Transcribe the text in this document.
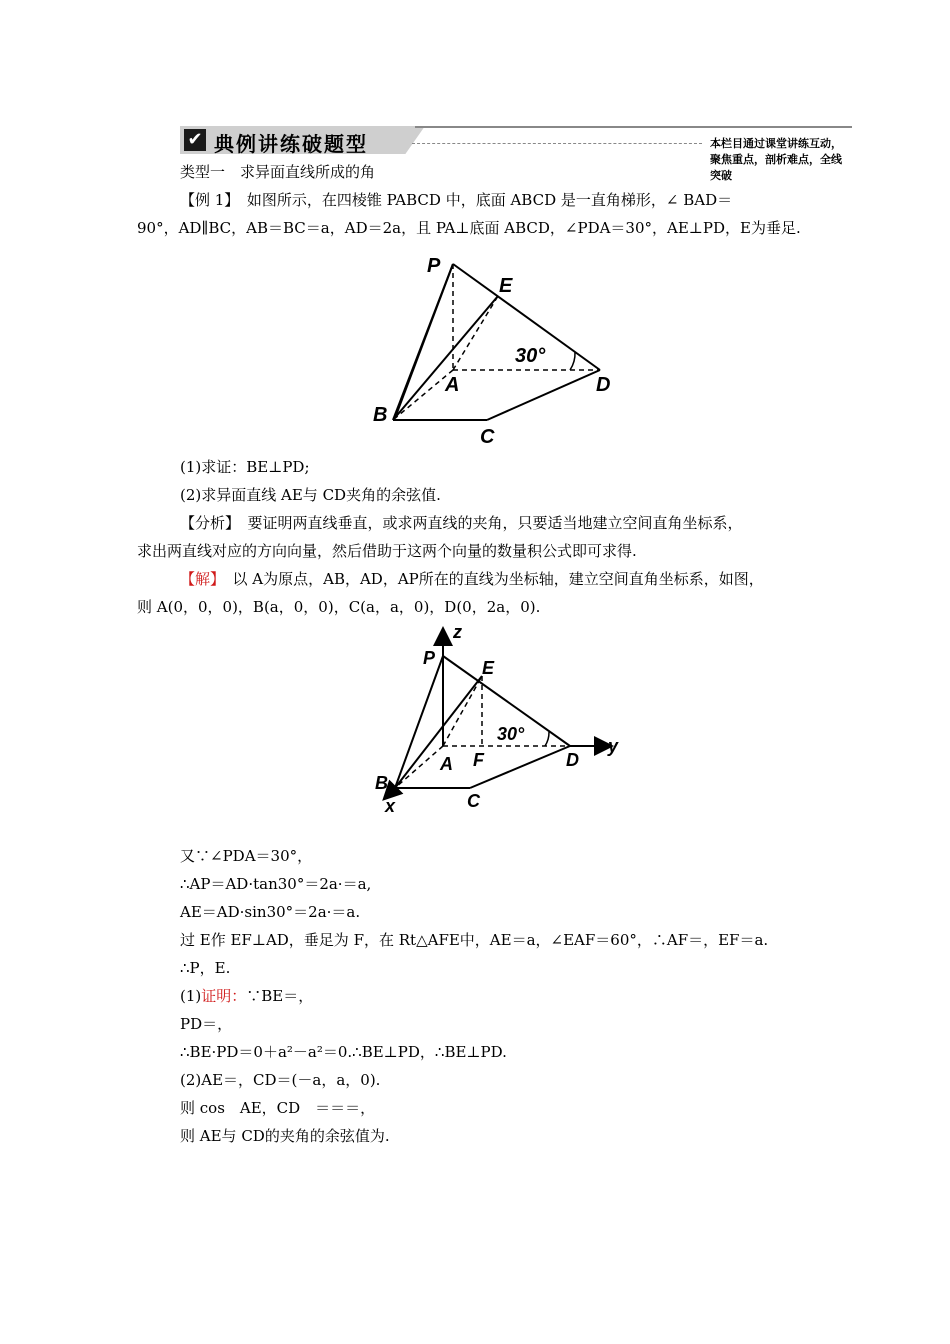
✔ 典例讲练破题型	本栏目通过课堂讲练互动，聚焦重点，剖析难点，全线突破
类型一　求异面直线所成的角
【例 1】　如图所示，在四棱锥 PABCD 中，底面 ABCD 是一直角梯形，∠ BAD＝
90°，AD∥BC，AB＝BC＝a，AD＝2a，且 PA⊥底面 ABCD，∠PDA＝30°，AE⊥PD，E为垂足.
P
E
A	D
B
C
30°
(1)求证：BE⊥PD;
(2)求异面直线 AE与 CD夹角的余弦值.
【分析】　要证明两直线垂直，或求两直线的夹角，只要适当地建立空间直角坐标系，
求出两直线对应的方向向量，然后借助于这两个向量的数量积公式即可求得.
【解】　以 A为原点，AB，AD，AP所在的直线为坐标轴，建立空间直角坐标系，如图，
则 A(0，0，0)，B(a，0，0)，C(a，a，0)，D(0，2a，0).
z
P	E
A F	D
y
B
x	C
30°
又∵∠PDA＝30°，
∴AP＝AD·tan30°＝2a·＝a,
AE＝AD·sin30°＝2a·＝a.
过 E作 EF⊥AD，垂足为 F，在 Rt△AFE中，AE＝a，∠EAF＝60°，∴AF＝，EF＝a.
∴P，E.
(1)证明：∵BE＝，
PD＝，
∴BE·PD＝0＋a²－a²＝0.∴BE⊥PD，∴BE⊥PD.
(2)AE＝，CD＝(－a，a，0).
则 cos　AE，CD　＝＝＝，
则 AE与 CD的夹角的余弦值为.
